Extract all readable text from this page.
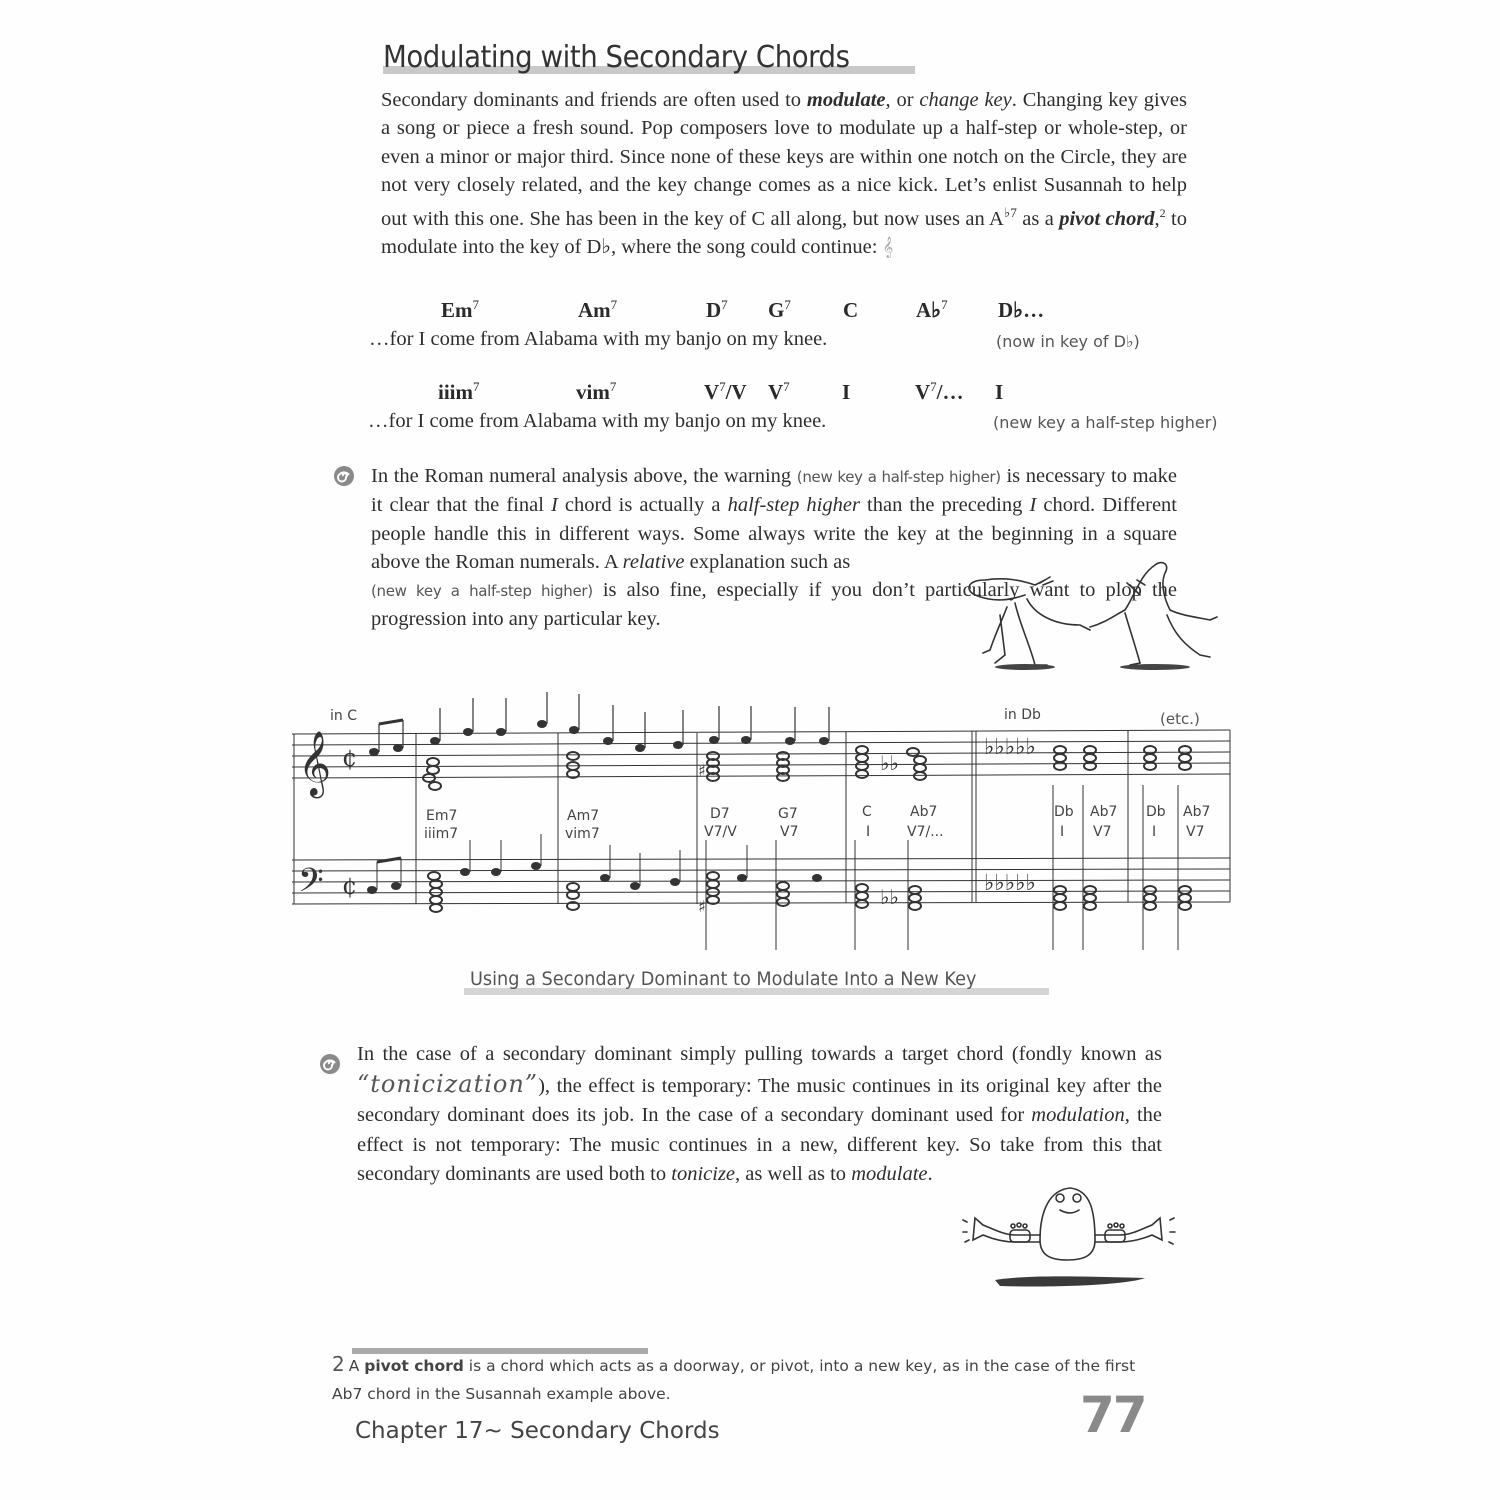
Modulating with Secondary Chords

Secondary dominants and friends are often used to modulate, or change key. Changing key gives a song or piece a fresh sound. Pop composers love to modulate up a half-step or whole-step, or even a minor or major third. Since none of these keys are within one notch on the Circle, they are not very closely related, and the key change comes as a nice kick. Let’s enlist Susannah to help out with this one. She has been in the key of C all along, but now uses an $A^{♭7}$ as a pivot chord,$^2$ to modulate into the key of D♭, where the song could continue: 𝄞

Em$^7$	Am$^7$	$D^7$ $G^7$ C	A♭$^7$ D♭…
…for I come from Alabama with my banjo on my knee.	(now in key of D♭)
iiim$^7$	vim$^7$	$V^7/V$ $V^7$ I	$V^7/\dots$ I
…for I come from Alabama with my banjo on my knee.	(new key a half-step higher)

In the Roman numeral analysis above, the warning (new key a half-step higher) is necessary to make it clear that the final I chord is actually a half-step higher than the preceding I chord. Different people handle this in different ways. Some always write the key at the beginning in a square above the Roman numerals. A relative explanation such as
(new key a half-step higher) is also fine, especially if you don’t particularly want to plop the progression into any particular key.

𝄞
𝄢
¢
¢
in C	in Db	(etc.)
♭♭♭♭♭
♭♭♭♭♭
♭♭
♭♭
♯
♯
Em7
iiim7
Am7
vim7
D7
V7/V
G7
V7
C
I
Ab7
V7/...
Db
I
Ab7
V7
Db
I
Ab7
V7
Using a Secondary Dominant to Modulate Into a New Key

In the case of a secondary dominant simply pulling towards a target chord (fondly known as “tonicization”), the effect is temporary: The music continues in its original key after the secondary dominant does its job. In the case of a secondary dominant used for modulation, the effect is not temporary: The music continues in a new, different key. So take from this that secondary dominants are used both to tonicize, as well as to modulate.

2 A pivot chord is a chord which acts as a doorway, or pivot, into a new key, as in the case of the first Ab7 chord in the Susannah example above.
Chapter 17~ Secondary Chords	77
